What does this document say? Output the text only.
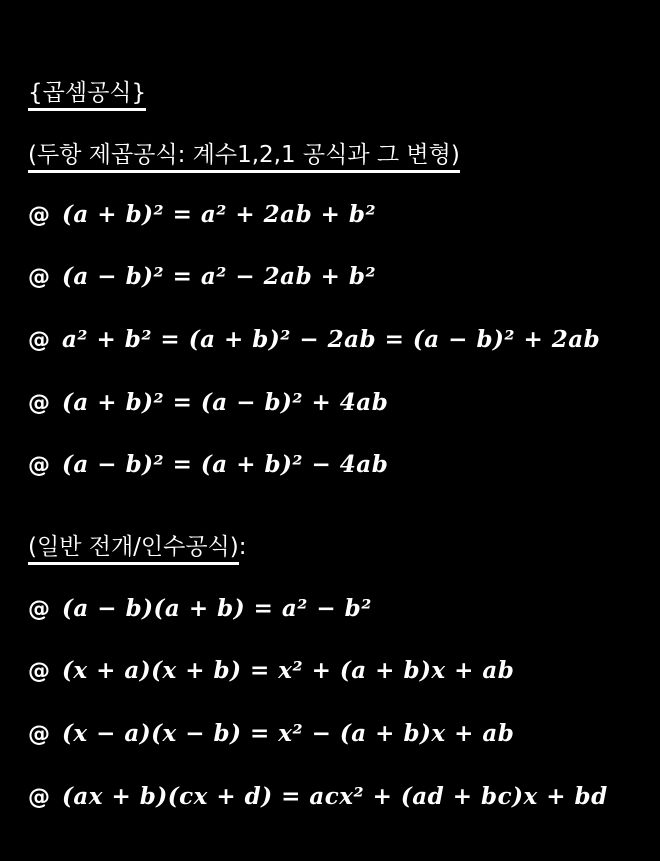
{곱셈공식}
(두항 제곱공식: 계수1,2,1 공식과 그 변형)
@ (a + b)² = a² + 2ab + b²
@ (a − b)² = a² − 2ab + b²
@ a² + b² = (a + b)² − 2ab = (a − b)² + 2ab
@ (a + b)² = (a − b)² + 4ab
@ (a − b)² = (a + b)² − 4ab
(일반 전개/인수공식):
@ (a − b)(a + b) = a² − b²
@ (x + a)(x + b) = x² + (a + b)x + ab
@ (x − a)(x − b) = x² − (a + b)x + ab
@ (ax + b)(cx + d) = acx² + (ad + bc)x + bd
